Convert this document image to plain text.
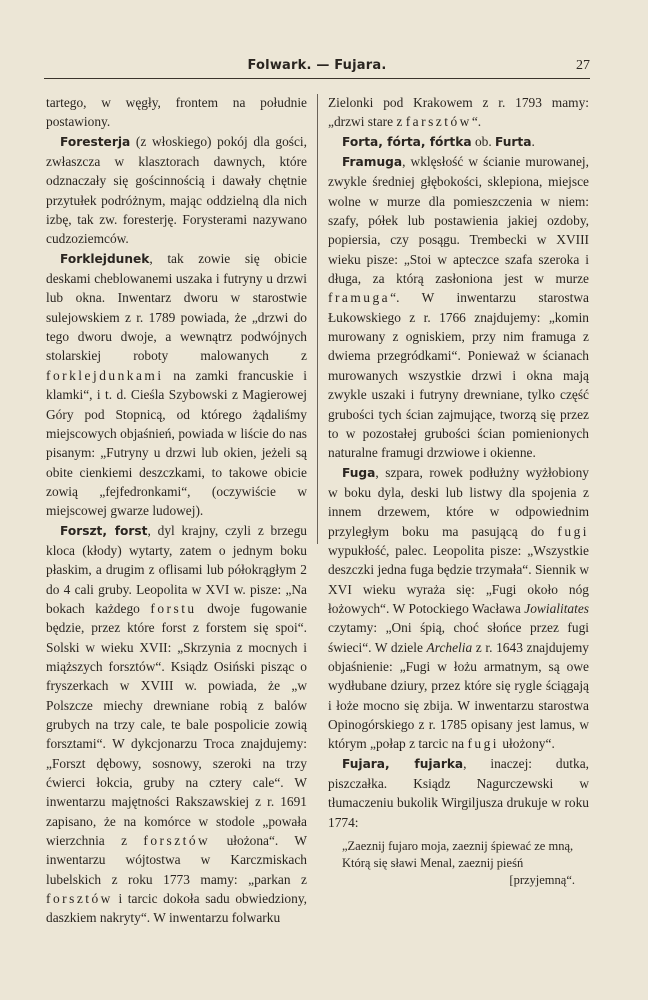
Folwark. — Fujara.	27

tartego, w węgły, frontem na południe postawiony.

Foresterja (z włoskiego) pokój dla gości, zwłaszcza w klasztorach dawnych, które odznaczały się gościnnością i dawały chętnie przytułek podróżnym, mając oddzielną dla nich izbę, tak zw. foresterję. Forysterami nazywano cudzoziemców.

Forklejdunek, tak zowie się obicie deskami cheblowanemi uszaka i futryny u drzwi lub okna. Inwentarz dworu w starostwie sulejowskiem z r. 1789 powiada, że „drzwi do tego dworu dwoje, a wewnątrz podwójnych stolarskiej roboty malowanych z forklejdunkami na zamki francuskie i klamki“, i t. d. Cieśla Szybowski z Magierowej Góry pod Stopnicą, od którego żądaliśmy miejscowych objaśnień, powiada w liście do nas pisanym: „Futryny u drzwi lub okien, jeżeli są obite cienkiemi deszczkami, to takowe obicie zowią „fejfedronkami“, (oczywiście w miejscowej gwarze ludowej).

Forszt, forst, dyl krajny, czyli z brzegu kloca (kłody) wytarty, zatem o jednym boku płaskim, a drugim z oflisami lub półokrągłym 2 do 4 cali gruby. Leopolita w XVI w. pisze: „Na bokach każdego forstu dwoje fugowanie będzie, przez które forst z forstem się spoi“. Solski w wieku XVII: „Skrzynia z mocnych i miąższych forsztów“. Ksiądz Osiński pisząc o fryszerkach w XVIII w. powiada, że „w Polszcze miechy drewniane robią z balów grubych na trzy cale, te bale pospolicie zowią forsztami“. W dykcjonarzu Troca znajdujemy: „Forszt dębowy, sosnowy, szeroki na trzy ćwierci łokcia, gruby na cztery cale“. W inwentarzu majętności Rakszawskiej z r. 1691 zapisano, że na komórce w stodole „powała wierzchnia z forsztów ułożona“. W inwentarzu wójtostwa w Karczmiskach lubelskich z roku 1773 mamy: „parkan z forsztów i tarcic dokoła sadu obwiedziony, daszkiem nakryty“. W inwentarzu folwarku

Zielonki pod Krakowem z r. 1793 mamy: „drzwi stare z farsztów“.

Forta, fórta, fórtka ob. Furta.

Framuga, wklęsłość w ścianie murowanej, zwykle średniej głębokości, sklepiona, miejsce wolne w murze dla pomieszczenia w niem: szafy, półek lub postawienia jakiej ozdoby, popiersia, czy posągu. Trembecki w XVIII wieku pisze: „Stoi w apteczce szafa szeroka i długa, za którą zasłoniona jest w murze framuga“. W inwentarzu starostwa Łukowskiego z r. 1766 znajdujemy: „komin murowany z ogniskiem, przy nim framuga z dwiema przegródkami“. Ponieważ w ścianach murowanych wszystkie drzwi i okna mają zwykle uszaki i futryny drewniane, tylko część grubości tych ścian zajmujące, tworzą się przez to w pozostałej grubości ścian pomienionych naturalne framugi drzwiowe i okienne.

Fuga, szpara, rowek podłużny wyżłobiony w boku dyla, deski lub listwy dla spojenia z innem drzewem, które w odpowiednim przyległym boku ma pasującą do fugi wypukłość, palec. Leopolita pisze: „Wszystkie deszczki jedna fuga będzie trzymała“. Siennik w XVI wieku wyraża się: „Fugi około nóg łożowych“. W Potockiego Wacława Jowialitates czytamy: „Oni śpią, choć słońce przez fugi świeci“. W dziele Archelia z r. 1643 znajdujemy objaśnienie: „Fugi w łożu armatnym, są owe wydłubane dziury, przez które się rygle ściągają i łoże mocno się zbija. W inwentarzu starostwa Opinogórskiego z r. 1785 opisany jest lamus, w którym „połap z tarcic na fugi ułożony“.

Fujara, fujarka, inaczej: dutka, piszczałka. Ksiądz Nagurczewski w tłumaczeniu bukolik Wirgiljusza drukuje w roku 1774:

„Zaeznij fujaro moja, zaeznij śpiewać ze mną,
Którą się sławi Menal, zaeznij pieśń
[przyjemną“.
